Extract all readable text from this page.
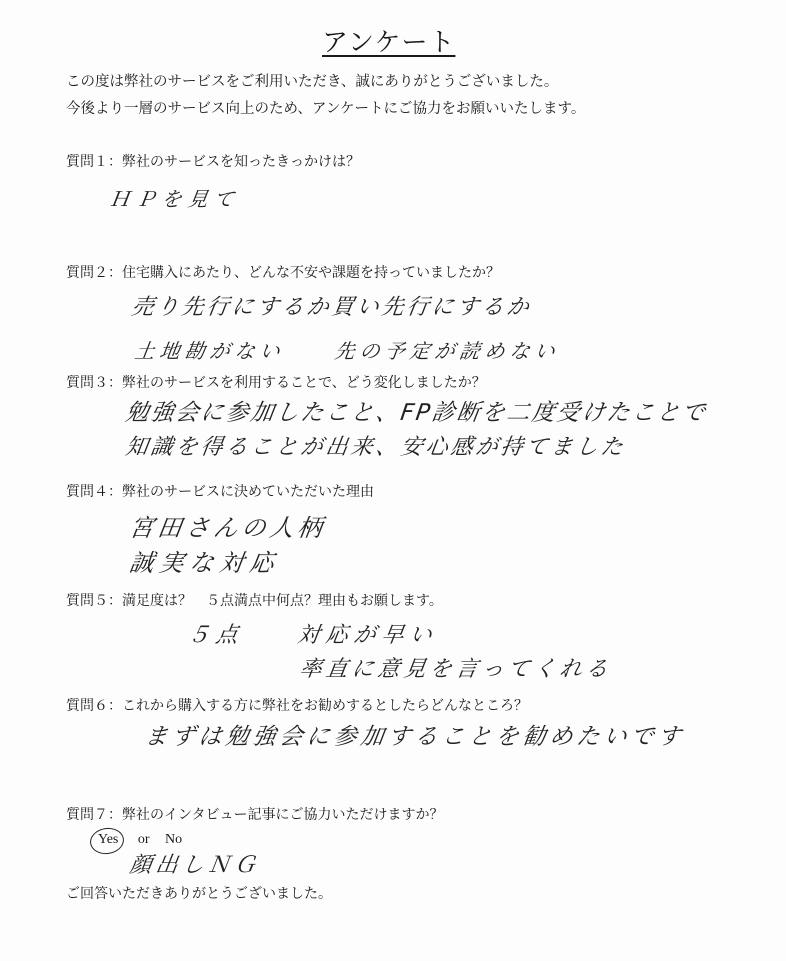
アンケート
この度は弊社のサービスをご利用いただき、誠にありがとうございました。
今後より一層のサービス向上のため、アンケートにご協力をお願いいたします。
質問１：弊社のサービスを知ったきっかけは？
ＨＰを見て
質問２：住宅購入にあたり、どんな不安や課題を持っていましたか？
売り先行にするか買い先行にするか
土地勘がない　　先の予定が読めない
質問３：弊社のサービスを利用することで、どう変化しましたか？
勉強会に参加したこと、FP診断を二度受けたことで
知識を得ることが出来、安心感が持てました
質問４：弊社のサービスに決めていただいた理由
宮田さんの人柄
誠実な対応
質問５：満足度は？　５点満点中何点？理由もお願します。
５点 対応が早い
率直に意見を言ってくれる
質問６：これから購入する方に弊社をお勧めするとしたらどんなところ？
まずは勉強会に参加することを勧めたいです
質問７：弊社のインタビュー記事にご協力いただけますか？
Yes or No
顔出しＮＧ
ご回答いただきありがとうございました。
